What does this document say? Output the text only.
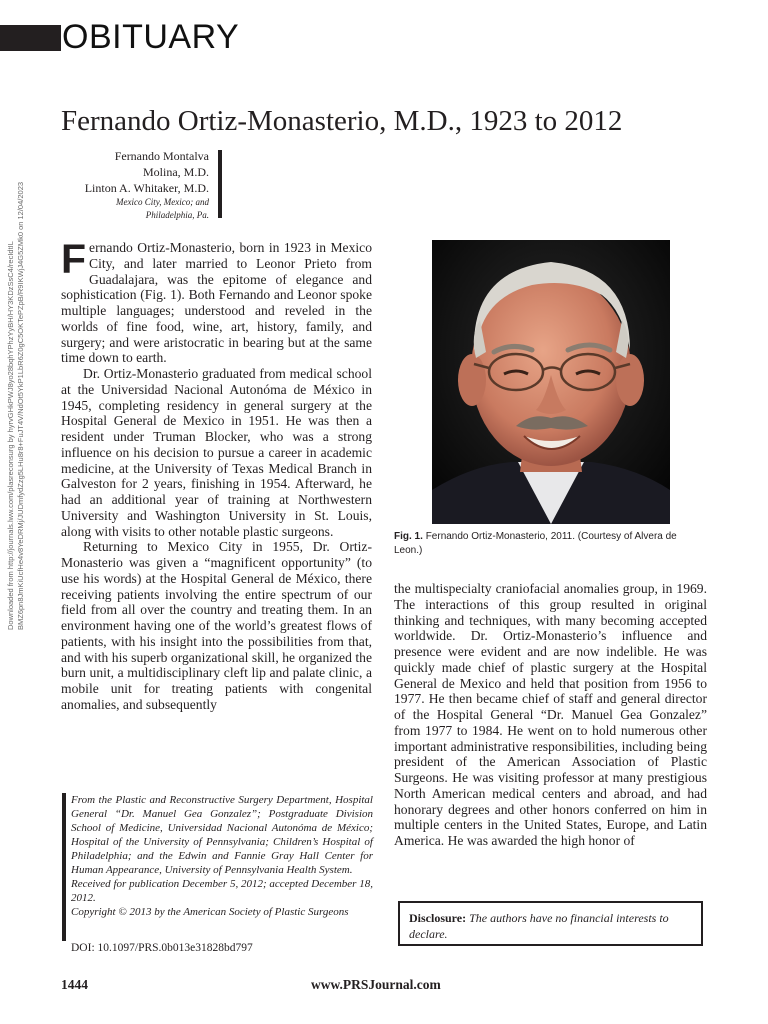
OBITUARY
Fernando Ortiz-Monasterio, M.D., 1923 to 2012
Fernando Montalva
Molina, M.D.
Linton A. Whitaker, M.D.
Mexico City, Mexico; and
Philadelphia, Pa.
Downloaded from http://journals.lww.com/plasreconsurg by hyrvGHkPWJ8yo28bqhYPhzYyBH/HY3KDzSsC4/recIdtIL BMZ6pn8JmKiUcfHe4v8YeDRMj/JUDmfydZzg5LHu8r8+FuJT4V/NdOt5YkP1LbR6Z0gC5OKTePZpB/R9IKWjJ4G5ZMk0 on 12/04/2023 Fernando Ortiz-Monasterio, born in 1923 in Mexico City, and later married to Leonor Prieto from Guadalajara, was the epitome of elegance and sophistication (Fig. 1). Both Fernando and Leonor spoke multiple languages; understood and reveled in the worlds of fine food, wine, art, history, family, and surgery; and were aristocratic in bearing but at the same time down to earth.

Dr. Ortiz-Monasterio graduated from medical school at the Universidad Nacional Autonóma de México in 1945, completing residency in general surgery at the Hospital General de Mexico in 1951. He was then a resident under Truman Blocker, who was a strong influence on his decision to pursue a career in academic medicine, at the University of Texas Medical Branch in Galveston for 2 years, finishing in 1954. Afterward, he had an additional year of training at Northwestern University and Washington University in St. Louis, along with visits to other notable plastic surgeons.

Returning to Mexico City in 1955, Dr. Ortiz-Monasterio was given a “magnificent opportunity” (to use his words) at the Hospital General de México, there receiving patients involving the entire spectrum of our field from all over the country and treating them. In an environment having one of the world’s greatest flows of patients, with his insight into the possibilities from that, and with his superb organizational skill, he organized the burn unit, a multidisciplinary cleft lip and palate clinic, a mobile unit for treating patients with congenital anomalies, and subsequently

Fig. 1. Fernando Ortiz-Monasterio, 2011. (Courtesy of Alvera de Leon.)

the multispecialty craniofacial anomalies group, in 1969. The interactions of this group resulted in original thinking and techniques, with many becoming accepted worldwide. Dr. Ortiz-Monasterio’s influence and presence were evident and are now indelible. He was quickly made chief of plastic surgery at the Hospital General de Mexico and held that position from 1956 to 1977. He then became chief of staff and general director of the Hospital General “Dr. Manuel Gea Gonzalez” from 1977 to 1984. He went on to hold numerous other important administrative responsibilities, including being president of the American Association of Plastic Surgeons. He was visiting professor at many prestigious North American medical centers and abroad, and had honorary degrees and other honors conferred on him in multiple centers in the United States, Europe, and Latin America. He was awarded the high honor of

From the Plastic and Reconstructive Surgery Department, Hospital General “Dr. Manuel Gea Gonzalez”; Postgraduate Division School of Medicine, Universidad Nacional Autonóma de México; Hospital of the University of Pennsylvania; Children’s Hospital of Philadelphia; and the Edwin and Fannie Gray Hall Center for Human Appearance, University of Pennsylvania Health System.
Received for publication December 5, 2012; accepted December 18, 2012.
Copyright © 2013 by the American Society of Plastic Surgeons
DOI: 10.1097/PRS.0b013e31828bd797
Disclosure: The authors have no financial interests to declare.
1444	www.PRSJournal.com
